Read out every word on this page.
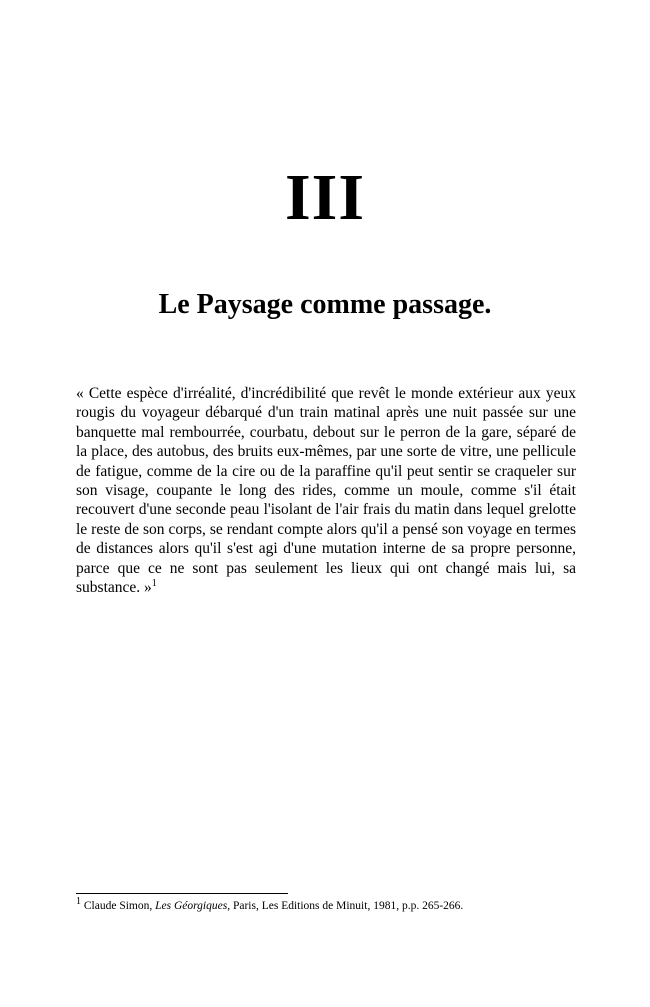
III
Le Paysage comme passage.

« Cette espèce d'irréalité, d'incrédibilité que revêt le monde extérieur aux yeux rougis du voyageur débarqué d'un train matinal après une nuit passée sur une banquette mal rembourrée, courbatu, debout sur le perron de la gare, séparé de la place, des autobus, des bruits eux-mêmes, par une sorte de vitre, une pellicule de fatigue, comme de la cire ou de la paraffine qu'il peut sentir se craqueler sur son visage, coupante le long des rides, comme un moule, comme s'il était recouvert d'une seconde peau l'isolant de l'air frais du matin dans lequel grelotte le reste de son corps, se rendant compte alors qu'il a pensé son voyage en termes de distances alors qu'il s'est agi d'une mutation interne de sa propre personne, parce que ce ne sont pas seulement les lieux qui ont changé mais lui, sa substance. »$^1$

$^1$ Claude Simon, Les Géorgiques, Paris, Les Editions de Minuit, 1981, p.p. 265-266.
